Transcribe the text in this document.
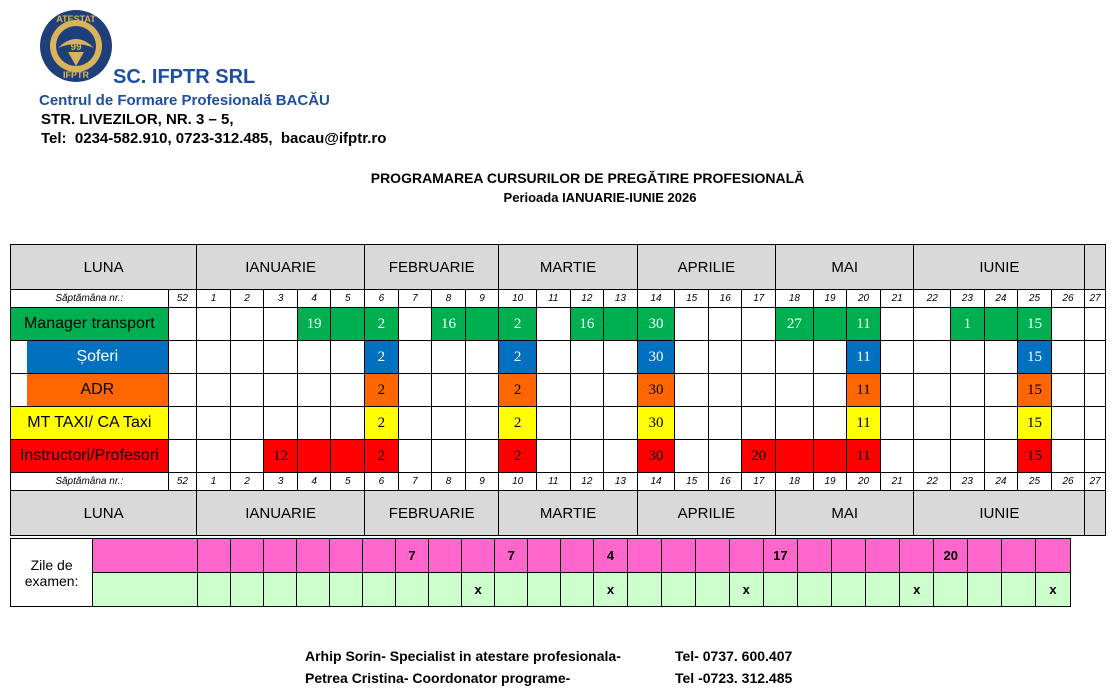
ATEȘTAT
99
IFPTR SC. IFPTR SRL
Centrul de Formare Profesională BACĂU
STR. LIVEZILOR, NR. 3 – 5,
Tel:  0234-582.910, 0723-312.485,  bacau@ifptr.ro
PROGRAMAREA CURSURILOR DE PREGĂTIRE PROFESIONALĂ
Perioada IANUARIE-IUNIE 2026
LUNA		IANUARIE					FEBRUARIE				MARTIE				APRILIE				MAI				IUNIE					
Săptămâna nr.:	52	1	2	3	4	5	6	7	8	9	10	11	12	13	14	15	16	17	18	19	20	21	22	23	24	25	26	27

Manager transport					19		2		16		2		16		30				27		11			1		15		

Șoferi							2				2				30						11					15		

ADR							2				2				30						11					15		

MT TAXI/ CA Taxi							2				2				30						11					15		

Instructori/Profesori				12			2				2				30			20			11					15		
Săptămâna nr.:	52	1	2	3	4	5	6	7	8	9	10	11	12	13	14	15	16	17	18	19	20	21	22	23	24	25	26	27
LUNA		IANUARIE					FEBRUARIE				MARTIE				APRILIE				MAI				IUNIE					
Zile de examen:								7			7			4					17					20			
										x				x				x					x				x
Arhip Sorin- Specialist in atestare profesionala-	Tel- 0737. 600.407
Petrea Cristina- Coordonator programe-	Tel -0723. 312.485
